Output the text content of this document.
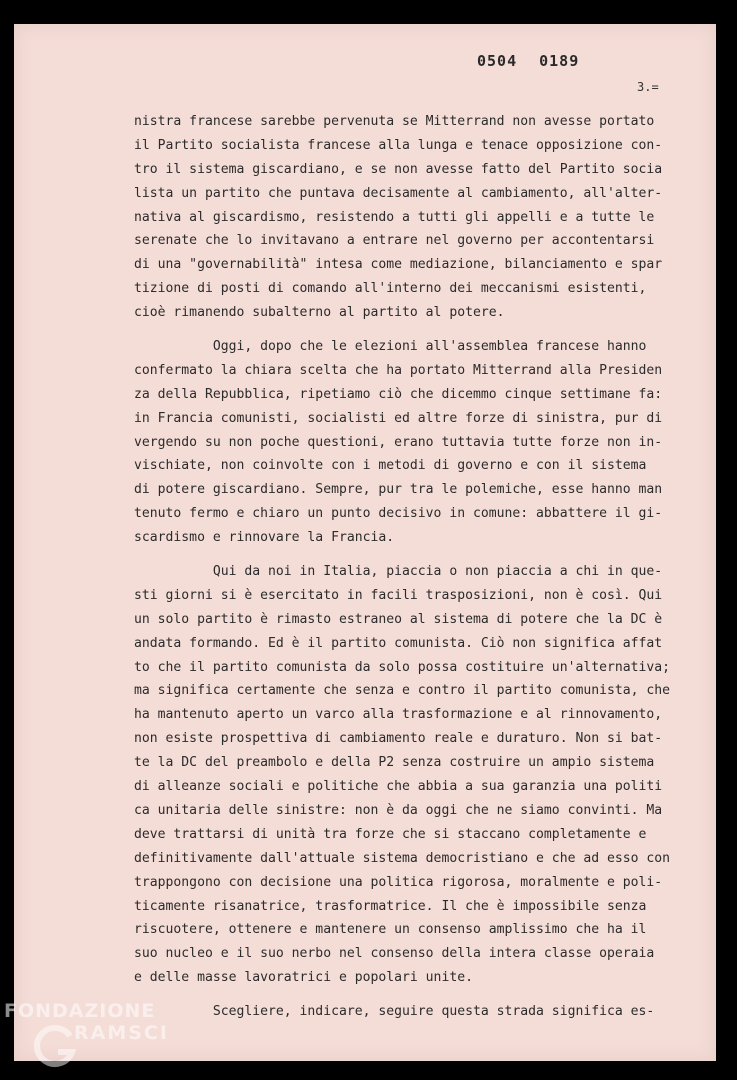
0504 0189
3.=
nistra francese sarebbe pervenuta se Mitterrand non avesse portato
il Partito socialista francese alla lunga e tenace opposizione con-
tro il sistema giscardiano, e se non avesse fatto del Partito socia
lista un partito che puntava decisamente al cambiamento, all'alter-
nativa al giscardismo, resistendo a tutti gli appelli e a tutte le
serenate che lo invitavano a entrare nel governo per accontentarsi
di una "governabilità" intesa come mediazione, bilanciamento e spar
tizione di posti di comando all'interno dei meccanismi esistenti,
cioè rimanendo subalterno al partito al potere.
Oggi, dopo che le elezioni all'assemblea francese hanno
confermato la chiara scelta che ha portato Mitterrand alla Presiden
za della Repubblica, ripetiamo ciò che dicemmo cinque settimane fa:
in Francia comunisti, socialisti ed altre forze di sinistra, pur di
vergendo su non poche questioni, erano tuttavia tutte forze non in-
vischiate, non coinvolte con i metodi di governo e con il sistema
di potere giscardiano. Sempre, pur tra le polemiche, esse hanno man
tenuto fermo e chiaro un punto decisivo in comune: abbattere il gi-
scardismo e rinnovare la Francia.
Qui da noi in Italia, piaccia o non piaccia a chi in que-
sti giorni si è esercitato in facili trasposizioni, non è così. Qui
un solo partito è rimasto estraneo al sistema di potere che la DC è
andata formando. Ed è il partito comunista. Ciò non significa affat
to che il partito comunista da solo possa costituire un'alternativa;
ma significa certamente che senza e contro il partito comunista, che
ha mantenuto aperto un varco alla trasformazione e al rinnovamento,
non esiste prospettiva di cambiamento reale e duraturo. Non si bat-
te la DC del preambolo e della P2 senza costruire un ampio sistema
di alleanze sociali e politiche che abbia a sua garanzia una politi
ca unitaria delle sinistre: non è da oggi che ne siamo convinti. Ma
deve trattarsi di unità tra forze che si staccano completamente e
definitivamente dall'attuale sistema democristiano e che ad esso con
trappongono con decisione una politica rigorosa, moralmente e poli-
ticamente risanatrice, trasformatrice. Il che è impossibile senza
riscuotere, ottenere e mantenere un consenso amplissimo che ha il
suo nucleo e il suo nerbo nel consenso della intera classe operaia
e delle masse lavoratrici e popolari unite.
Scegliere, indicare, seguire questa strada significa es-
FONDAZIONE
RAMSCI
